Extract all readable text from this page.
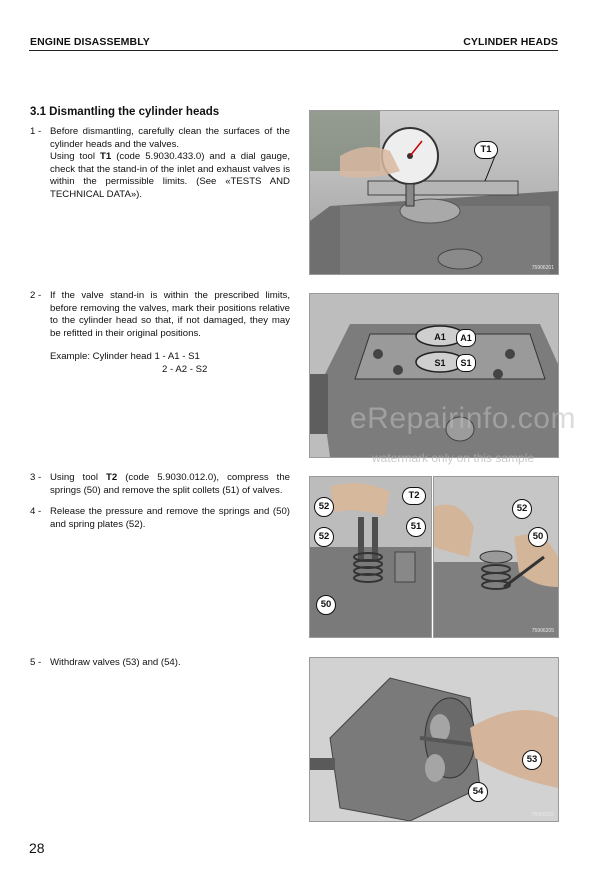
ENGINE DISASSEMBLY	CYLINDER HEADS
3.1 Dismantling the cylinder heads
1 - Before dismantling, carefully clean the surfaces of the cylinder heads and the valves.
Using tool T1 (code 5.9030.433.0) and a dial gauge, check that the stand-in of the inlet and exhaust valves is within the permissible limits. (See «TESTS AND TECHNICAL DATA»).
2 - If the valve stand-in is within the prescribed limits, before removing the valves, mark their positions relative to the cylinder head so that, if not damaged, they may be refitted in their original positions.
Example: Cylinder head 1 - A1 - S1
2 - A2 - S2
3 - Using tool T2 (code 5.9030.012.0), compress the springs (50) and remove the split collets (51) of valves.
4 - Release the pressure and remove the springs and (50) and spring plates (52).
5 - Withdraw valves (53) and (54).
T1
75906201
A1
A1
S1	S1
52
T2
52
51
50
52
50
75906205
53
54
75906206
eRepairinfo.com
watermark only on this sample
28
